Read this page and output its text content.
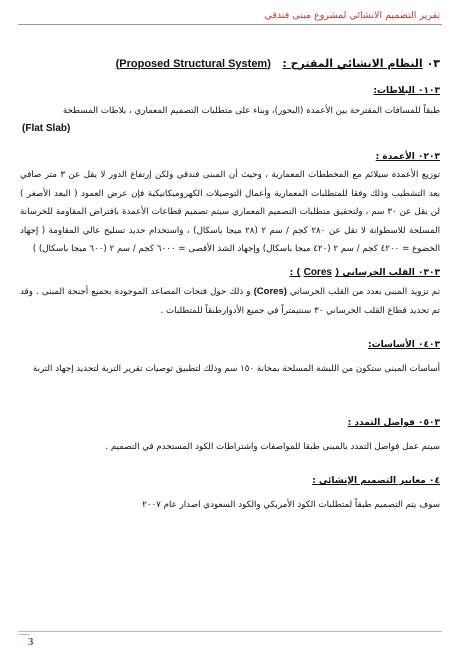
تقرير التصميم الانشائي لمشروع مبنى فندقي
٠٣ النظام الانشائي المقترح :   (Proposed Structural System)
٠١٠٣ البلاطات:
طبقاً للمسافات المقترحة بين الأعمدة (البحور)، وبناء على متطلبات التصميم المعماري ، بلاطات المسطحة
(Flat Slab)
٠٢٠٣ الأعمدة :
توزيع الأعمدة سيلائم مع المخططات المعمارية ، وحيث أن المبنى فندقي ولكن إرتفاع الدور لا يقل عن ٣ متر صافي بعد التشطيب وذلك وفقا للمتطلبات المعمارية وأعمال التوصيلات الكهروميكانيكية فإن عرض العمود ( البعد الأصغر ) لن يقل عن ٣٠ سم ، ولتحقيق متطلبات التصميم المعماري سيتم تصميم قطاعات الأعمدة بافتراض المقاومة للخرسانة المسلحة للاسطوانة لا تقل عن ٢٨٠ كجم / سم ٢ (٢٨ ميجا باسكال) ، واستخدام حديد تسليح عالي المقاومة ( إجهاد الخضوع = ٤٢٠٠ كجم / سم ٢ (٤٢٠ ميجا باسكال) وإجهاد الشد الأقصى = ٦٠٠٠ كجم / سم ٢ (٦٠٠ ميجا باسكال) )
٠٣٠٣ القلب الخرساني ( Cores ) :
تم تزويد المبنى بعدد من القلب الخرساني (Cores) و ذلك حول فتحات المصاعد الموجودة بجميع أجنحة المبنى . وقد تم تحديد قطاع القلب الخرساني ٣٠ سنتيمتراً في جميع الأدوارطبقاً للمتطلبات .
٠٤٠٣ الأساسات:
أساسات المبنى ستكون من اللبشة المسلحة بمخانة ١٥٠ سم وذلك لتطبيق توصيات تقرير التربة لتحديد إجهاد التربة
٠٥٠٣ فواصل التمدد :
سيتم عمل فواصل التمدد بالمبنى طبقا للمواصفات واشتراطات الكود المستخدم في التصميم .
٠٤ معايير التصميم الإنشائي :
سوف يتم التصميم طبقاً لمتطلبات الكود الأمريكي والكود السعودي اصدار عام ٢٠٠٧
3
